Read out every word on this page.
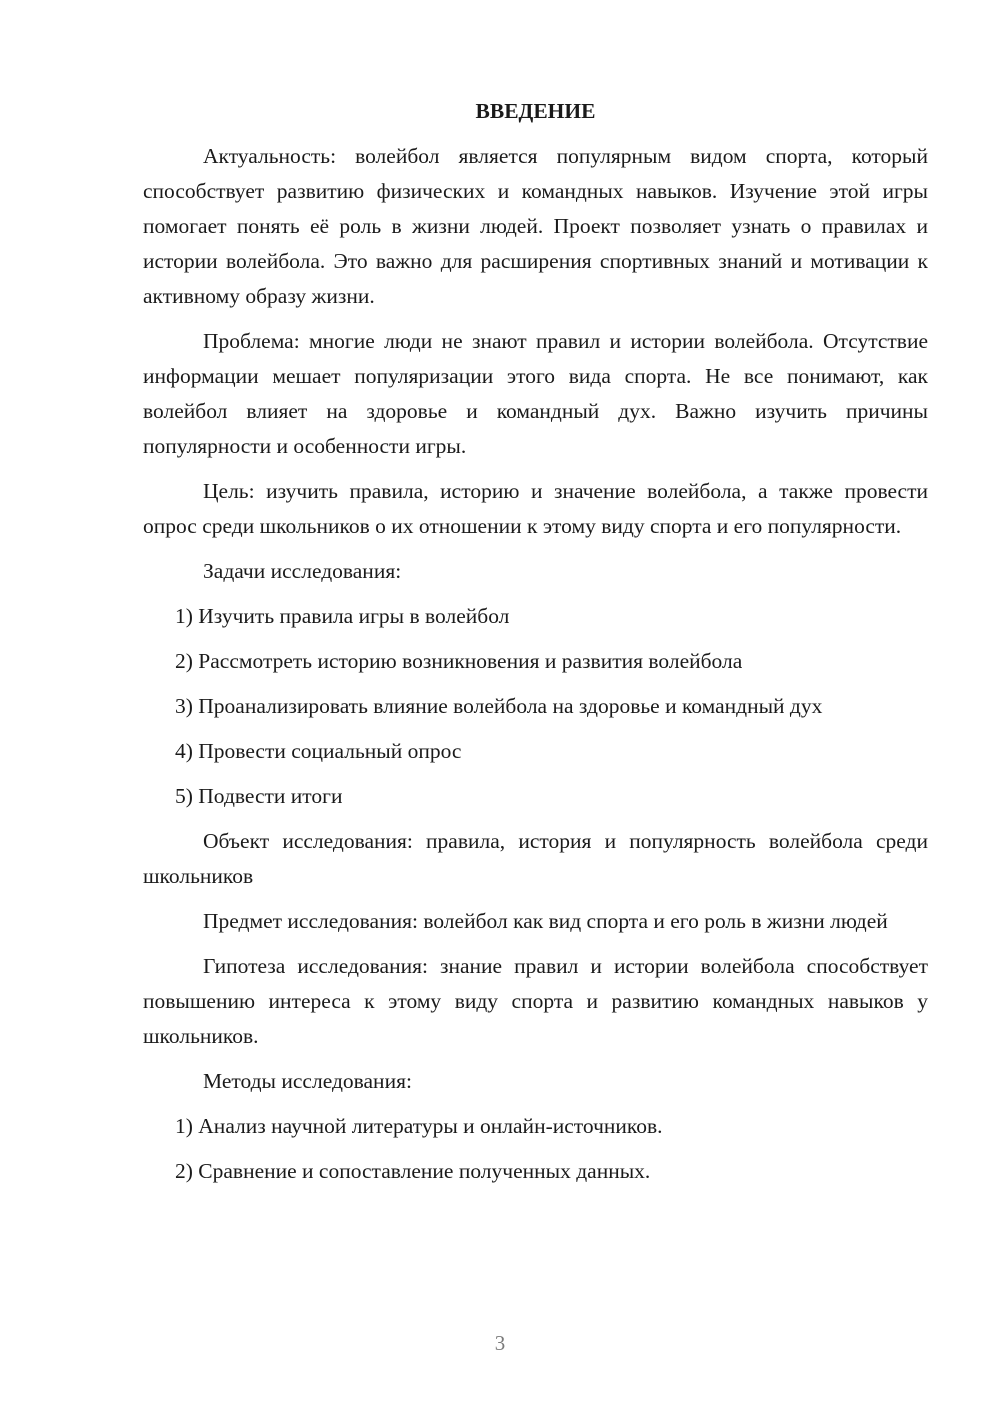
ВВЕДЕНИЕ

Актуальность: волейбол является популярным видом спорта, который способствует развитию физических и командных навыков. Изучение этой игры помогает понять её роль в жизни людей. Проект позволяет узнать о правилах и истории волейбола. Это важно для расширения спортивных знаний и мотивации к активному образу жизни.

Проблема: многие люди не знают правил и истории волейбола. Отсутствие информации мешает популяризации этого вида спорта. Не все понимают, как волейбол влияет на здоровье и командный дух. Важно изучить причины популярности и особенности игры.

Цель: изучить правила, историю и значение волейбола, а также провести опрос среди школьников о их отношении к этому виду спорта и его популярности.

Задачи исследования:

1) Изучить правила игры в волейбол

2) Рассмотреть историю возникновения и развития волейбола

3) Проанализировать влияние волейбола на здоровье и командный дух

4) Провести социальный опрос

5) Подвести итоги

Объект исследования: правила, история и популярность волейбола среди школьников

Предмет исследования: волейбол как вид спорта и его роль в жизни людей

Гипотеза исследования: знание правил и истории волейбола способствует повышению интереса к этому виду спорта и развитию командных навыков у школьников.

Методы исследования:

1) Анализ научной литературы и онлайн-источников.

2) Сравнение и сопоставление полученных данных.

3
